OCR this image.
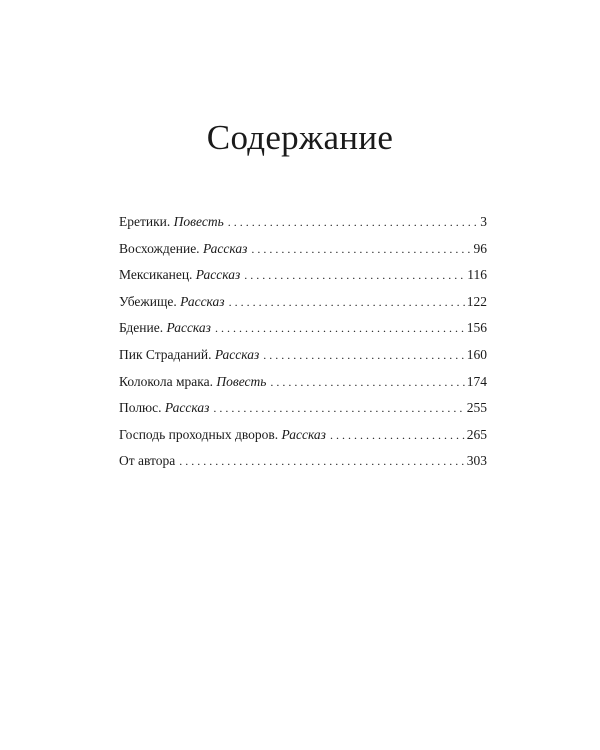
Содержание
Еретики. Повесть . . .	3
Восхождение. Рассказ . . .	96
Мексиканец. Рассказ . . .	116
Убежище. Рассказ . . .	122
Бдение. Рассказ . . .	156
Пик Страданий. Рассказ . . .	160
Колокола мрака. Повесть . . .	174
Полюс. Рассказ . . .	255
Господь проходных дворов. Рассказ . . .	265
От автора . . .	303
